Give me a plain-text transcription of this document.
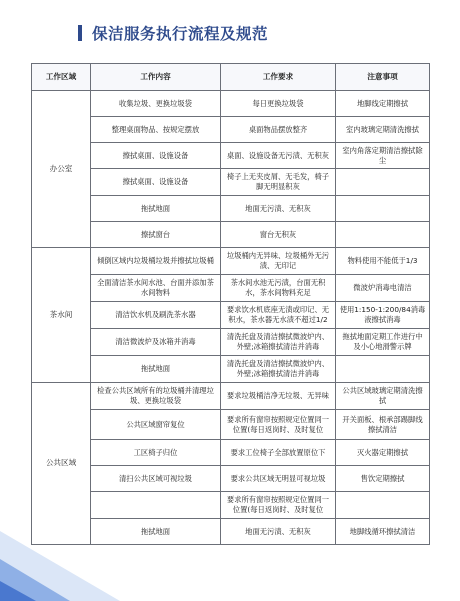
保洁服务执行流程及规范
工作区域	工作内容	工作要求	注意事项
办公室	收集垃圾、更换垃圾袋	每日更换垃圾袋	地脚线定期擦拭
	整理桌面物品、按规定摆放	桌面物品摆放整齐	室内玻璃定期清洗擦拭
	擦拭桌面、设施设备	桌面、设施设备无污渍、无积灰	室内角落定期清洁擦拭除尘
	擦拭桌面、设施设备	椅子上无夹皮屑、无毛发，椅子脚无明显积灰	
	拖拭地面	地面无污渍、无积灰	
	擦拭窗台	窗台无积灰	
茶水间	倾倒区域内垃圾桶垃圾并擦拭垃圾桶	垃圾桶内无异味、垃圾桶外无污渍、无印记	物料使用不能低于1/3
	全面清洁茶水间水池、台面并添加茶水间物料	茶水间水池无污渍，台面无积水，茶水间物料充足	微波炉消毒电清洁
	清洁饮水机及刷洗茶水器	要求饮水机底座无渍或印记、无积水，茶水器无水渍不超过1/2	使用1:150-1:200/84消毒液擦拭消毒
	清洁微波炉及冰箱并消毒	清洗托盘及清洁擦拭微波炉内、外壁;冰箱擦拭清洁并消毒	拖拭地面定期工作进行中及小心地滑警示牌
	拖拭地面	清洗托盘及清洁擦拭微波炉内、外壁;冰箱擦拭清洁并消毒	
公共区域	检查公共区域所有的垃圾桶并清理垃圾、更换垃圾袋	要求垃圾桶洁净无垃圾、无异味	公共区域玻璃定期清洗擦拭
	公共区域窗帘复位	要求所有窗帘按照规定位置同一位置(每日返岗时、及时复位	开关面板、根承部踢脚线擦拭清洁
	工区椅子归位	要求工位椅子全部放置原位下	灭火器定期擦拭
	清扫公共区域可视垃圾	要求公共区域无明显可视垃圾	售饮定期擦拭
		要求所有窗帘按照规定位置同一位置(每日返岗时、及时复位	
	拖拭地面	地面无污渍、无积灰	地脚线循环擦拭清洁
